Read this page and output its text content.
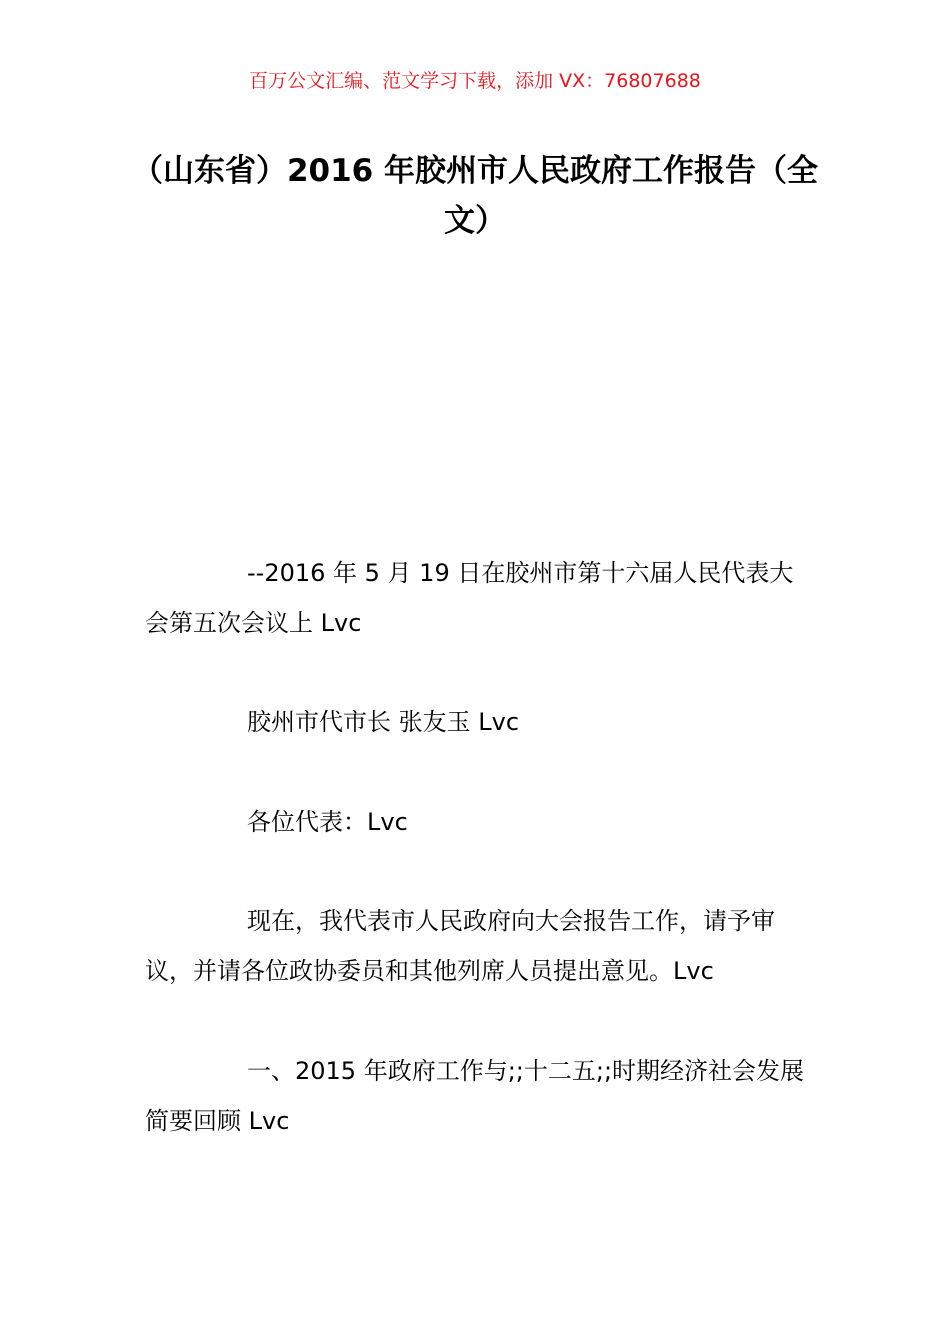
百万公文汇编、范文学习下载，添加 VX：76807688
（山东省）2016 年胶州市人民政府工作报告（全文）

--2016 年 5 月 19 日在胶州市第十六届人民代表大会第五次会议上 Lvc

胶州市代市长 张友玉 Lvc

各位代表：Lvc

现在，我代表市人民政府向大会报告工作，请予审议，并请各位政协委员和其他列席人员提出意见。Lvc

一、2015 年政府工作与;;十二五;;时期经济社会发展简要回顾 Lvc
